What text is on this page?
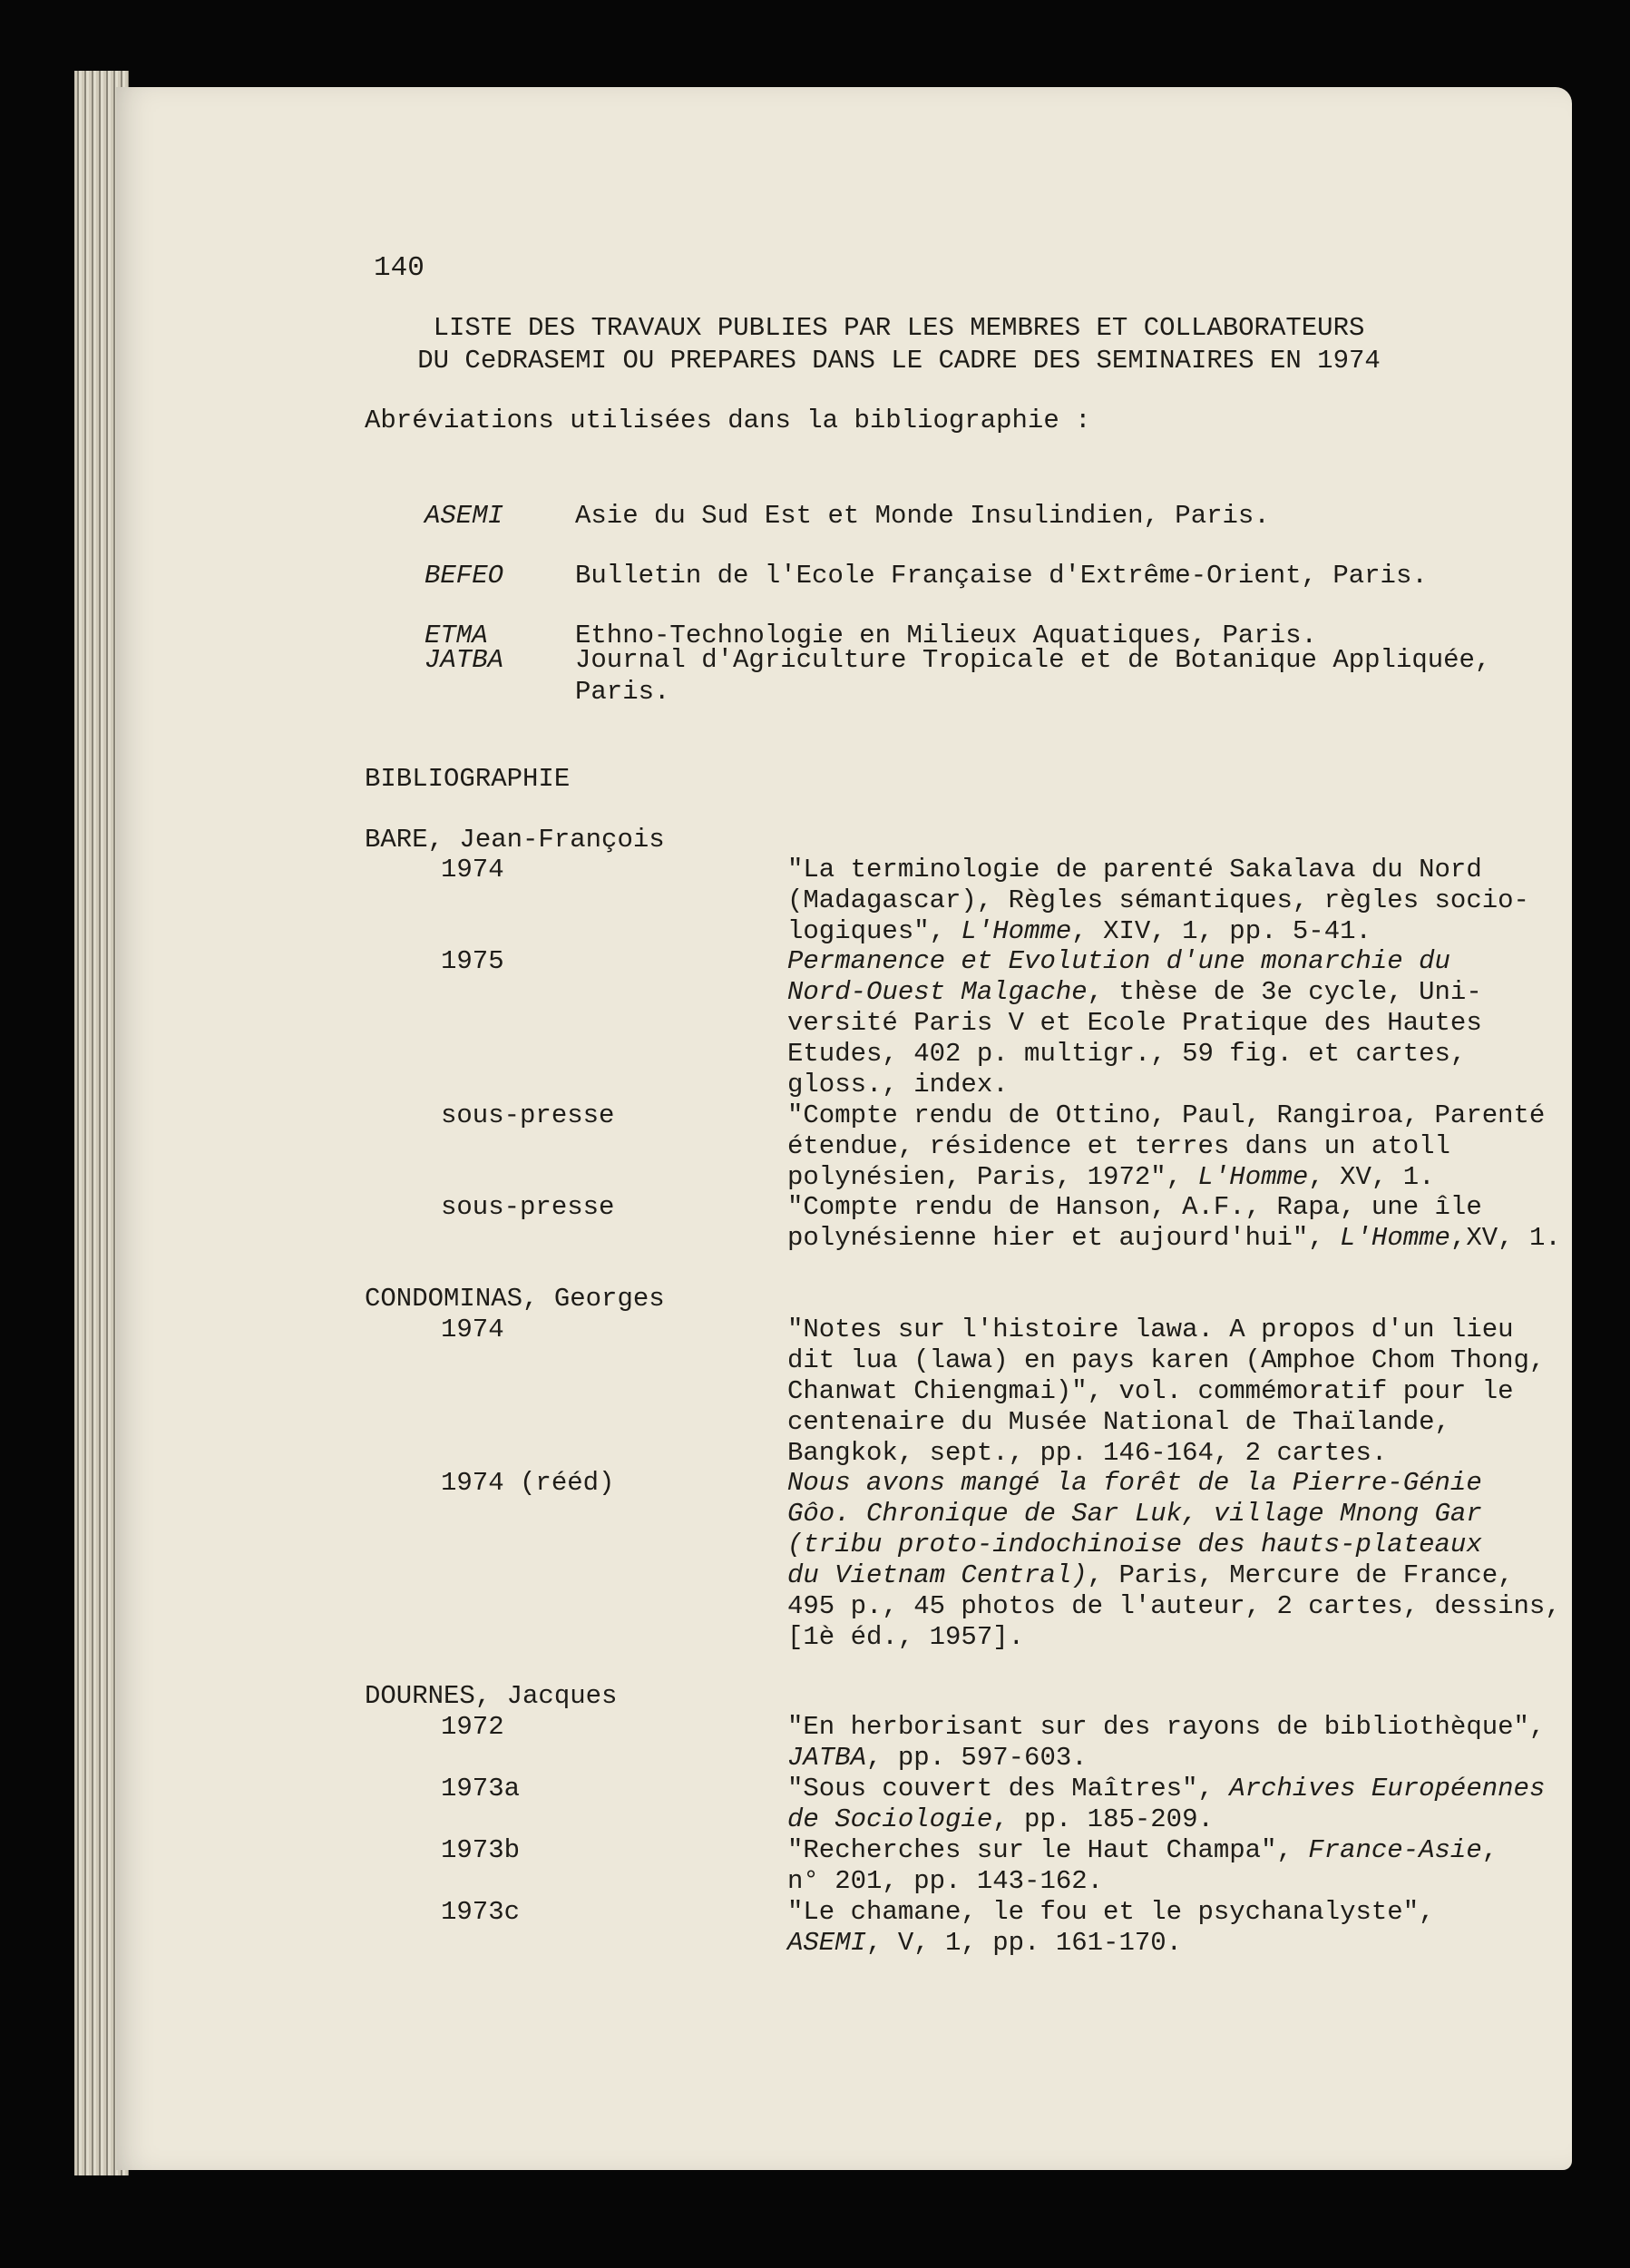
140
LISTE DES TRAVAUX PUBLIES PAR LES MEMBRES ET COLLABORATEURS
DU CeDRASEMI OU PREPARES DANS LE CADRE DES SEMINAIRES EN 1974
Abréviations utilisées dans la bibliographie :
ASEMI	Asie du Sud Est et Monde Insulindien, Paris.
BEFEO	Bulletin de l'Ecole Française d'Extrême-Orient, Paris.
ETMA	Ethno-Technologie en Milieux Aquatiques, Paris.
JATBA	Journal d'Agriculture Tropicale et de Botanique Appliquée,
Paris.
BIBLIOGRAPHIE
BARE, Jean-François
1974	"La terminologie de parenté Sakalava du Nord
(Madagascar), Règles sémantiques, règles socio-
logiques", L'Homme, XIV, 1, pp. 5-41.
1975	Permanence et Evolution d'une monarchie du
Nord-Ouest Malgache, thèse de 3e cycle, Uni-
versité Paris V et Ecole Pratique des Hautes
Etudes, 402 p. multigr., 59 fig. et cartes,
gloss., index.
sous-presse	"Compte rendu de Ottino, Paul, Rangiroa, Parenté
étendue, résidence et terres dans un atoll
polynésien, Paris, 1972", L'Homme, XV, 1.
sous-presse	"Compte rendu de Hanson, A.F., Rapa, une île
polynésienne hier et aujourd'hui", L'Homme,XV, 1.
CONDOMINAS, Georges
1974	"Notes sur l'histoire lawa. A propos d'un lieu
dit lua (lawa) en pays karen (Amphoe Chom Thong,
Chanwat Chiengmai)", vol. commémoratif pour le
centenaire du Musée National de Thaïlande,
Bangkok, sept., pp. 146-164, 2 cartes.
1974 (rééd)	Nous avons mangé la forêt de la Pierre-Génie
Gôo. Chronique de Sar Luk, village Mnong Gar
(tribu proto-indochinoise des hauts-plateaux
du Vietnam Central), Paris, Mercure de France,
495 p., 45 photos de l'auteur, 2 cartes, dessins,
[1è éd., 1957].
DOURNES, Jacques
1972	"En herborisant sur des rayons de bibliothèque",
JATBA, pp. 597-603.
1973a	"Sous couvert des Maîtres", Archives Européennes
de Sociologie, pp. 185-209.
1973b	"Recherches sur le Haut Champa", France-Asie,
n° 201, pp. 143-162.
1973c	"Le chamane, le fou et le psychanalyste",
ASEMI, V, 1, pp. 161-170.
